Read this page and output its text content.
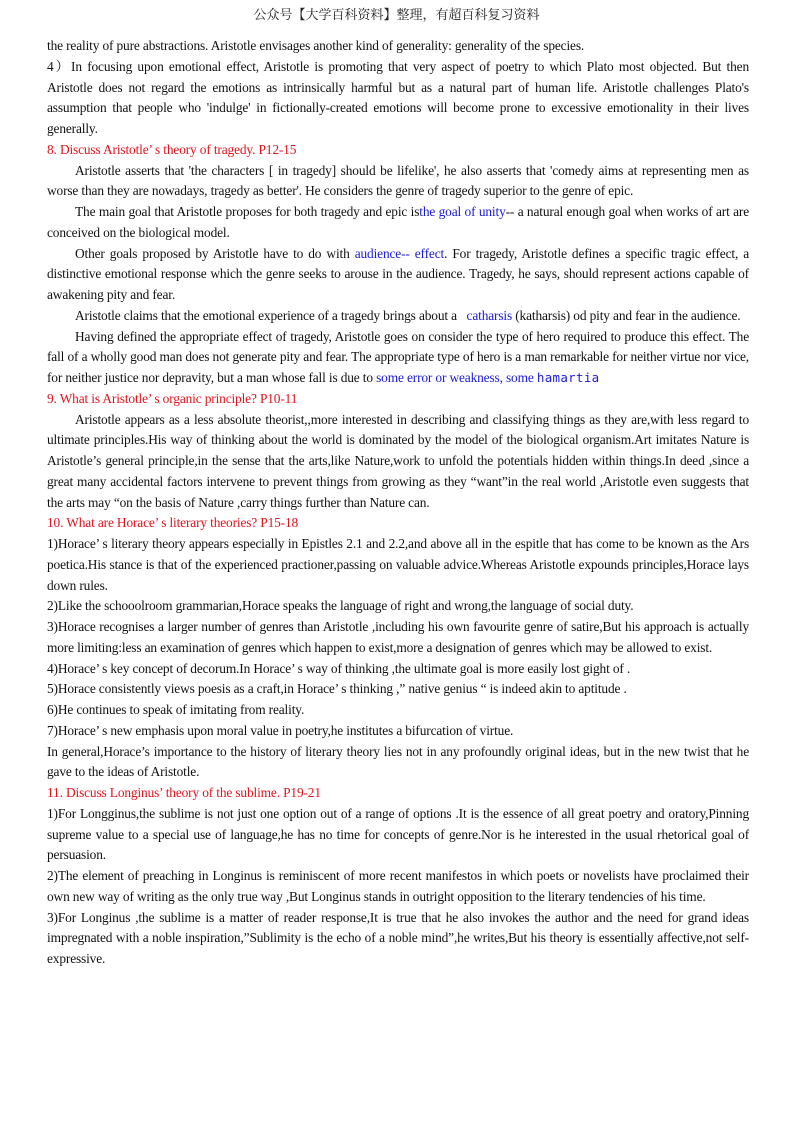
公众号【大学百科资料】整理，有超百科复习资料

the reality of pure abstractions. Aristotle envisages another kind of generality: generality of the species.

4）In focusing upon emotional effect, Aristotle is promoting that very aspect of poetry to which Plato most objected. But then Aristotle does not regard the emotions as intrinsically harmful but as a natural part of human life. Aristotle challenges Plato's assumption that people who 'indulge' in fictionally-created emotions will become prone to excessive emotionality in their lives generally.

8. Discuss Aristotle’ s theory of tragedy. P12-15

Aristotle asserts that 'the characters [ in tragedy] should be lifelike', he also asserts that 'comedy aims at representing men as worse than they are nowadays, tragedy as better'. He considers the genre of tragedy superior to the genre of epic.

The main goal that Aristotle proposes for both tragedy and epic isthe goal of unity-- a natural enough goal when works of art are conceived on the biological model.

Other goals proposed by Aristotle have to do with audience-- effect. For tragedy, Aristotle defines a specific tragic effect, a distinctive emotional response which the genre seeks to arouse in the audience. Tragedy, he says, should represent actions capable of awakening pity and fear.

Aristotle claims that the emotional experience of a tragedy brings about a   catharsis (katharsis) od pity and fear in the audience.

Having defined the appropriate effect of tragedy, Aristotle goes on consider the type of hero required to produce this effect. The fall of a wholly good man does not generate pity and fear. The appropriate type of hero is a man remarkable for neither virtue nor vice, for neither justice nor depravity, but a man whose fall is due to some error or weakness, some hamartia

9. What is Aristotle’ s organic principle? P10-11

Aristotle appears as a less absolute theorist,,more interested in describing and classifying things as they are,with less regard to ultimate principles.His way of thinking about the world is dominated by the model of the biological organism.Art imitates Nature is Aristotle’s general principle,in the sense that the arts,like Nature,work to unfold the potentials hidden within things.In deed ,since a great many accidental factors intervene to prevent things from growing as they “want”in the real world ,Aristotle even suggests that the arts may “on the basis of Nature ,carry things further than Nature can.

10. What are Horace’ s literary theories? P15-18

1)Horace’ s literary theory appears especially in Epistles 2.1 and 2.2,and above all in the espitle that has come to be known as the Ars poetica.His stance is that of the experienced practioner,passing on valuable advice.Whereas Aristotle expounds principles,Horace lays down rules.

2)Like the schooolroom grammarian,Horace speaks the language of right and wrong,the language of social duty.

3)Horace recognises a larger number of genres than Aristotle ,including his own favourite genre of satire,But his approach is actually more limiting:less an examination of genres which happen to exist,more a designation of genres which may be allowed to exist.

4)Horace’ s key concept of decorum.In Horace’ s way of thinking ,the ultimate goal is more easily lost gight of .

5)Horace consistently views poesis as a craft,in Horace’ s thinking ,” native genius “ is indeed akin to aptitude .

6)He continues to speak of imitating from reality.

7)Horace’ s new emphasis upon moral value in poetry,he institutes a bifurcation of virtue.

In general,Horace’s importance to the history of literary theory lies not in any profoundly original ideas, but in the new twist that he gave to the ideas of Aristotle.

11. Discuss Longinus’ theory of the sublime. P19-21

1)For Longginus,the sublime is not just one option out of a range of options .It is the essence of all great poetry and oratory,Pinning supreme value to a special use of language,he has no time for concepts of genre.Nor is he interested in the usual rhetorical goal of persuasion.

2)The element of preaching in Longinus is reminiscent of more recent manifestos in which poets or novelists have proclaimed their own new way of writing as the only true way ,But Longinus stands in outright opposition to the literary tendencies of his time.

3)For Longinus ,the sublime is a matter of reader response,It is true that he also invokes the author and the need for grand ideas impregnated with a noble inspiration,”Sublimity is the echo of a noble mind”,he writes,But his theory is essentially affective,not self-expressive.
